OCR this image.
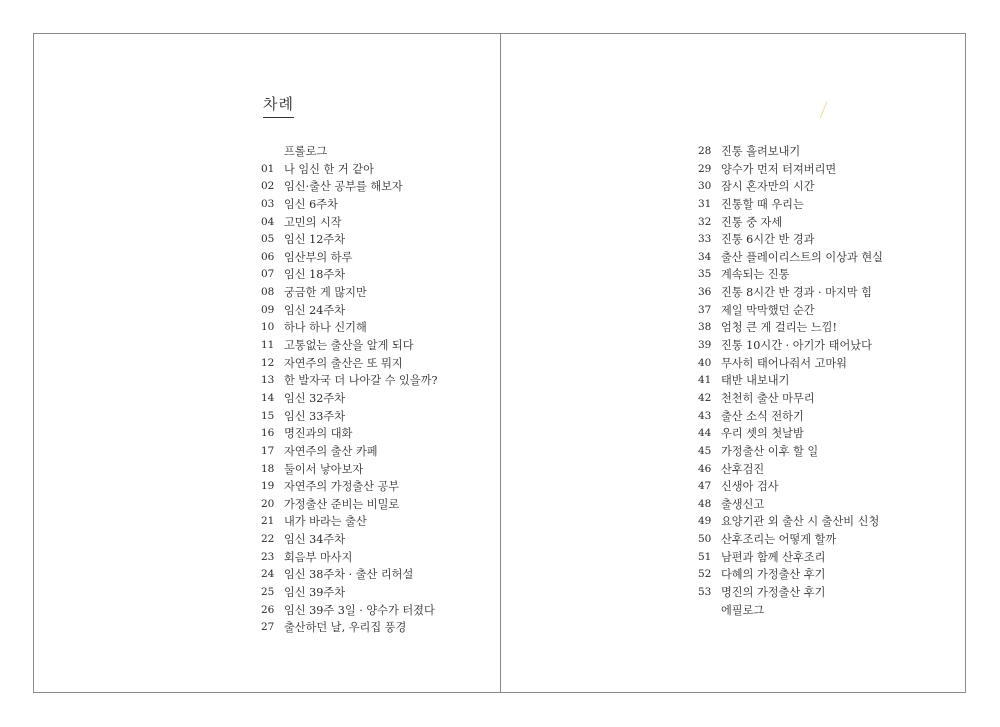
차례
프롤로그
01 나 임신 한 거 같아
02 임신·출산 공부를 해보자
03 임신 6주차
04 고민의 시작
05 임신 12주차
06 임산부의 하루
07 임신 18주차
08 궁금한 게 많지만
09 임신 24주차
10 하나 하나 신기해
11 고통없는 출산을 알게 되다
12 자연주의 출산은 또 뭐지
13 한 발자국 더 나아갈 수 있을까?
14 임신 32주차
15 임신 33주차
16 명진과의 대화
17 자연주의 출산 카페
18 둘이서 낳아보자
19 자연주의 가정출산 공부
20 가정출산 준비는 비밀로
21 내가 바라는 출산
22 임신 34주차
23 회음부 마사지
24 임신 38주차 · 출산 리허설
25 임신 39주차
26 임신 39주 3일 · 양수가 터졌다
27 출산하던 날, 우리집 풍경
28 진통 흘려보내기
29 양수가 먼저 터져버리면
30 잠시 혼자만의 시간
31 진통할 때 우리는
32 진통 중 자세
33 진통 6시간 반 경과
34 출산 플레이리스트의 이상과 현실
35 계속되는 진통
36 진통 8시간 반 경과 · 마지막 힘
37 제일 막막했던 순간
38 엄청 큰 게 걸리는 느낌!
39 진통 10시간 · 아기가 태어났다
40 무사히 태어나줘서 고마워
41 태반 내보내기
42 천천히 출산 마무리
43 출산 소식 전하기
44 우리 셋의 첫날밤
45 가정출산 이후 할 일
46 산후검진
47 신생아 검사
48 출생신고
49 요양기관 외 출산 시 출산비 신청
50 산후조리는 어떻게 할까
51 남편과 함께 산후조리
52 다혜의 가정출산 후기
53 명진의 가정출산 후기
에필로그
